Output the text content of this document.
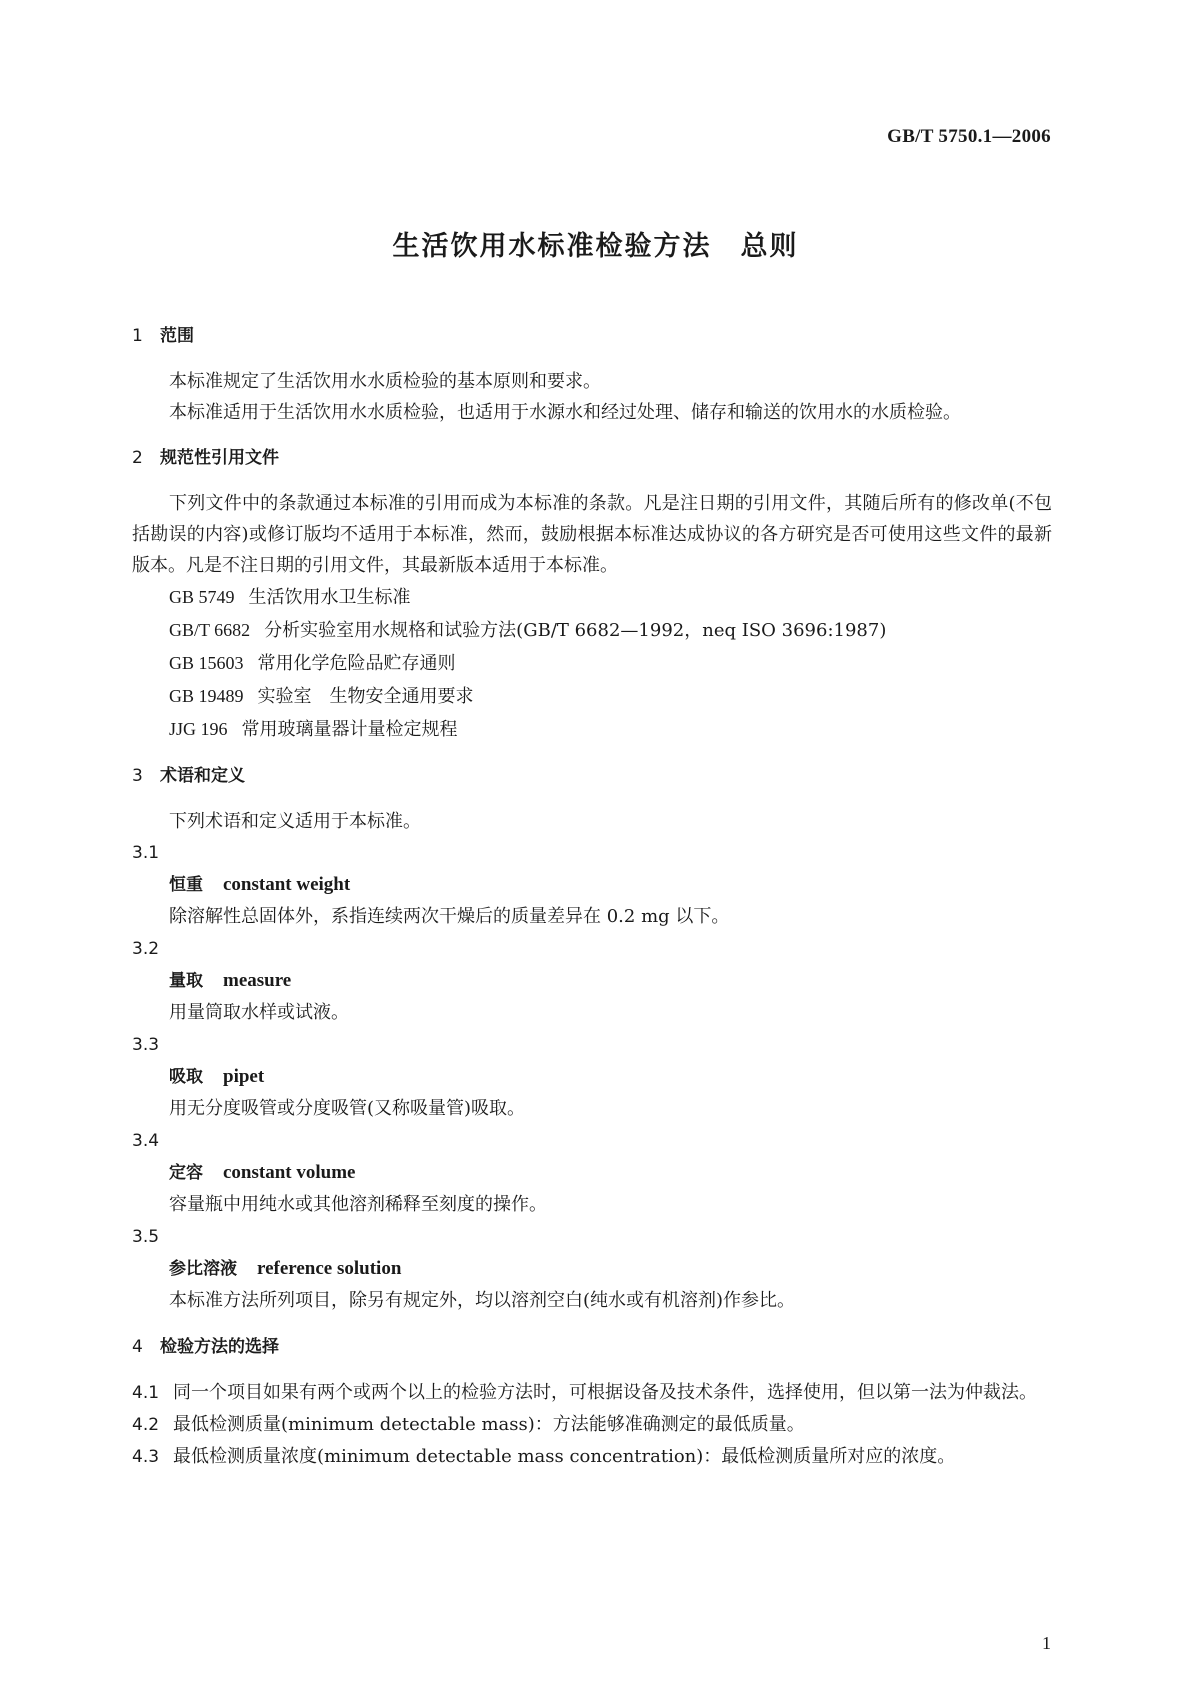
GB/T 5750.1—2006
生活饮用水标准检验方法　总则
1 范围

本标准规定了生活饮用水水质检验的基本原则和要求。

本标准适用于生活饮用水水质检验，也适用于水源水和经过处理、储存和输送的饮用水的水质检验。

2 规范性引用文件

下列文件中的条款通过本标准的引用而成为本标准的条款。凡是注日期的引用文件，其随后所有的修改单(不包括勘误的内容)或修订版均不适用于本标准，然而，鼓励根据本标准达成协议的各方研究是否可使用这些文件的最新版本。凡是不注日期的引用文件，其最新版本适用于本标准。

GB 5749 生活饮用水卫生标准

GB/T 6682 分析实验室用水规格和试验方法(GB/T 6682—1992，neq ISO 3696:1987)

GB 15603 常用化学危险品贮存通则

GB 19489 实验室　生物安全通用要求

JJG 196 常用玻璃量器计量检定规程

3 术语和定义

下列术语和定义适用于本标准。

3.1

恒重 constant weight

除溶解性总固体外，系指连续两次干燥后的质量差异在 0.2 mg 以下。

3.2

量取 measure

用量筒取水样或试液。

3.3

吸取 pipet

用无分度吸管或分度吸管(又称吸量管)吸取。

3.4

定容 constant volume

容量瓶中用纯水或其他溶剂稀释至刻度的操作。

3.5

参比溶液 reference solution

本标准方法所列项目，除另有规定外，均以溶剂空白(纯水或有机溶剂)作参比。

4 检验方法的选择

4.1 同一个项目如果有两个或两个以上的检验方法时，可根据设备及技术条件，选择使用，但以第一法为仲裁法。

4.2 最低检测质量(minimum detectable mass)：方法能够准确测定的最低质量。

4.3 最低检测质量浓度(minimum detectable mass concentration)：最低检测质量所对应的浓度。

1
